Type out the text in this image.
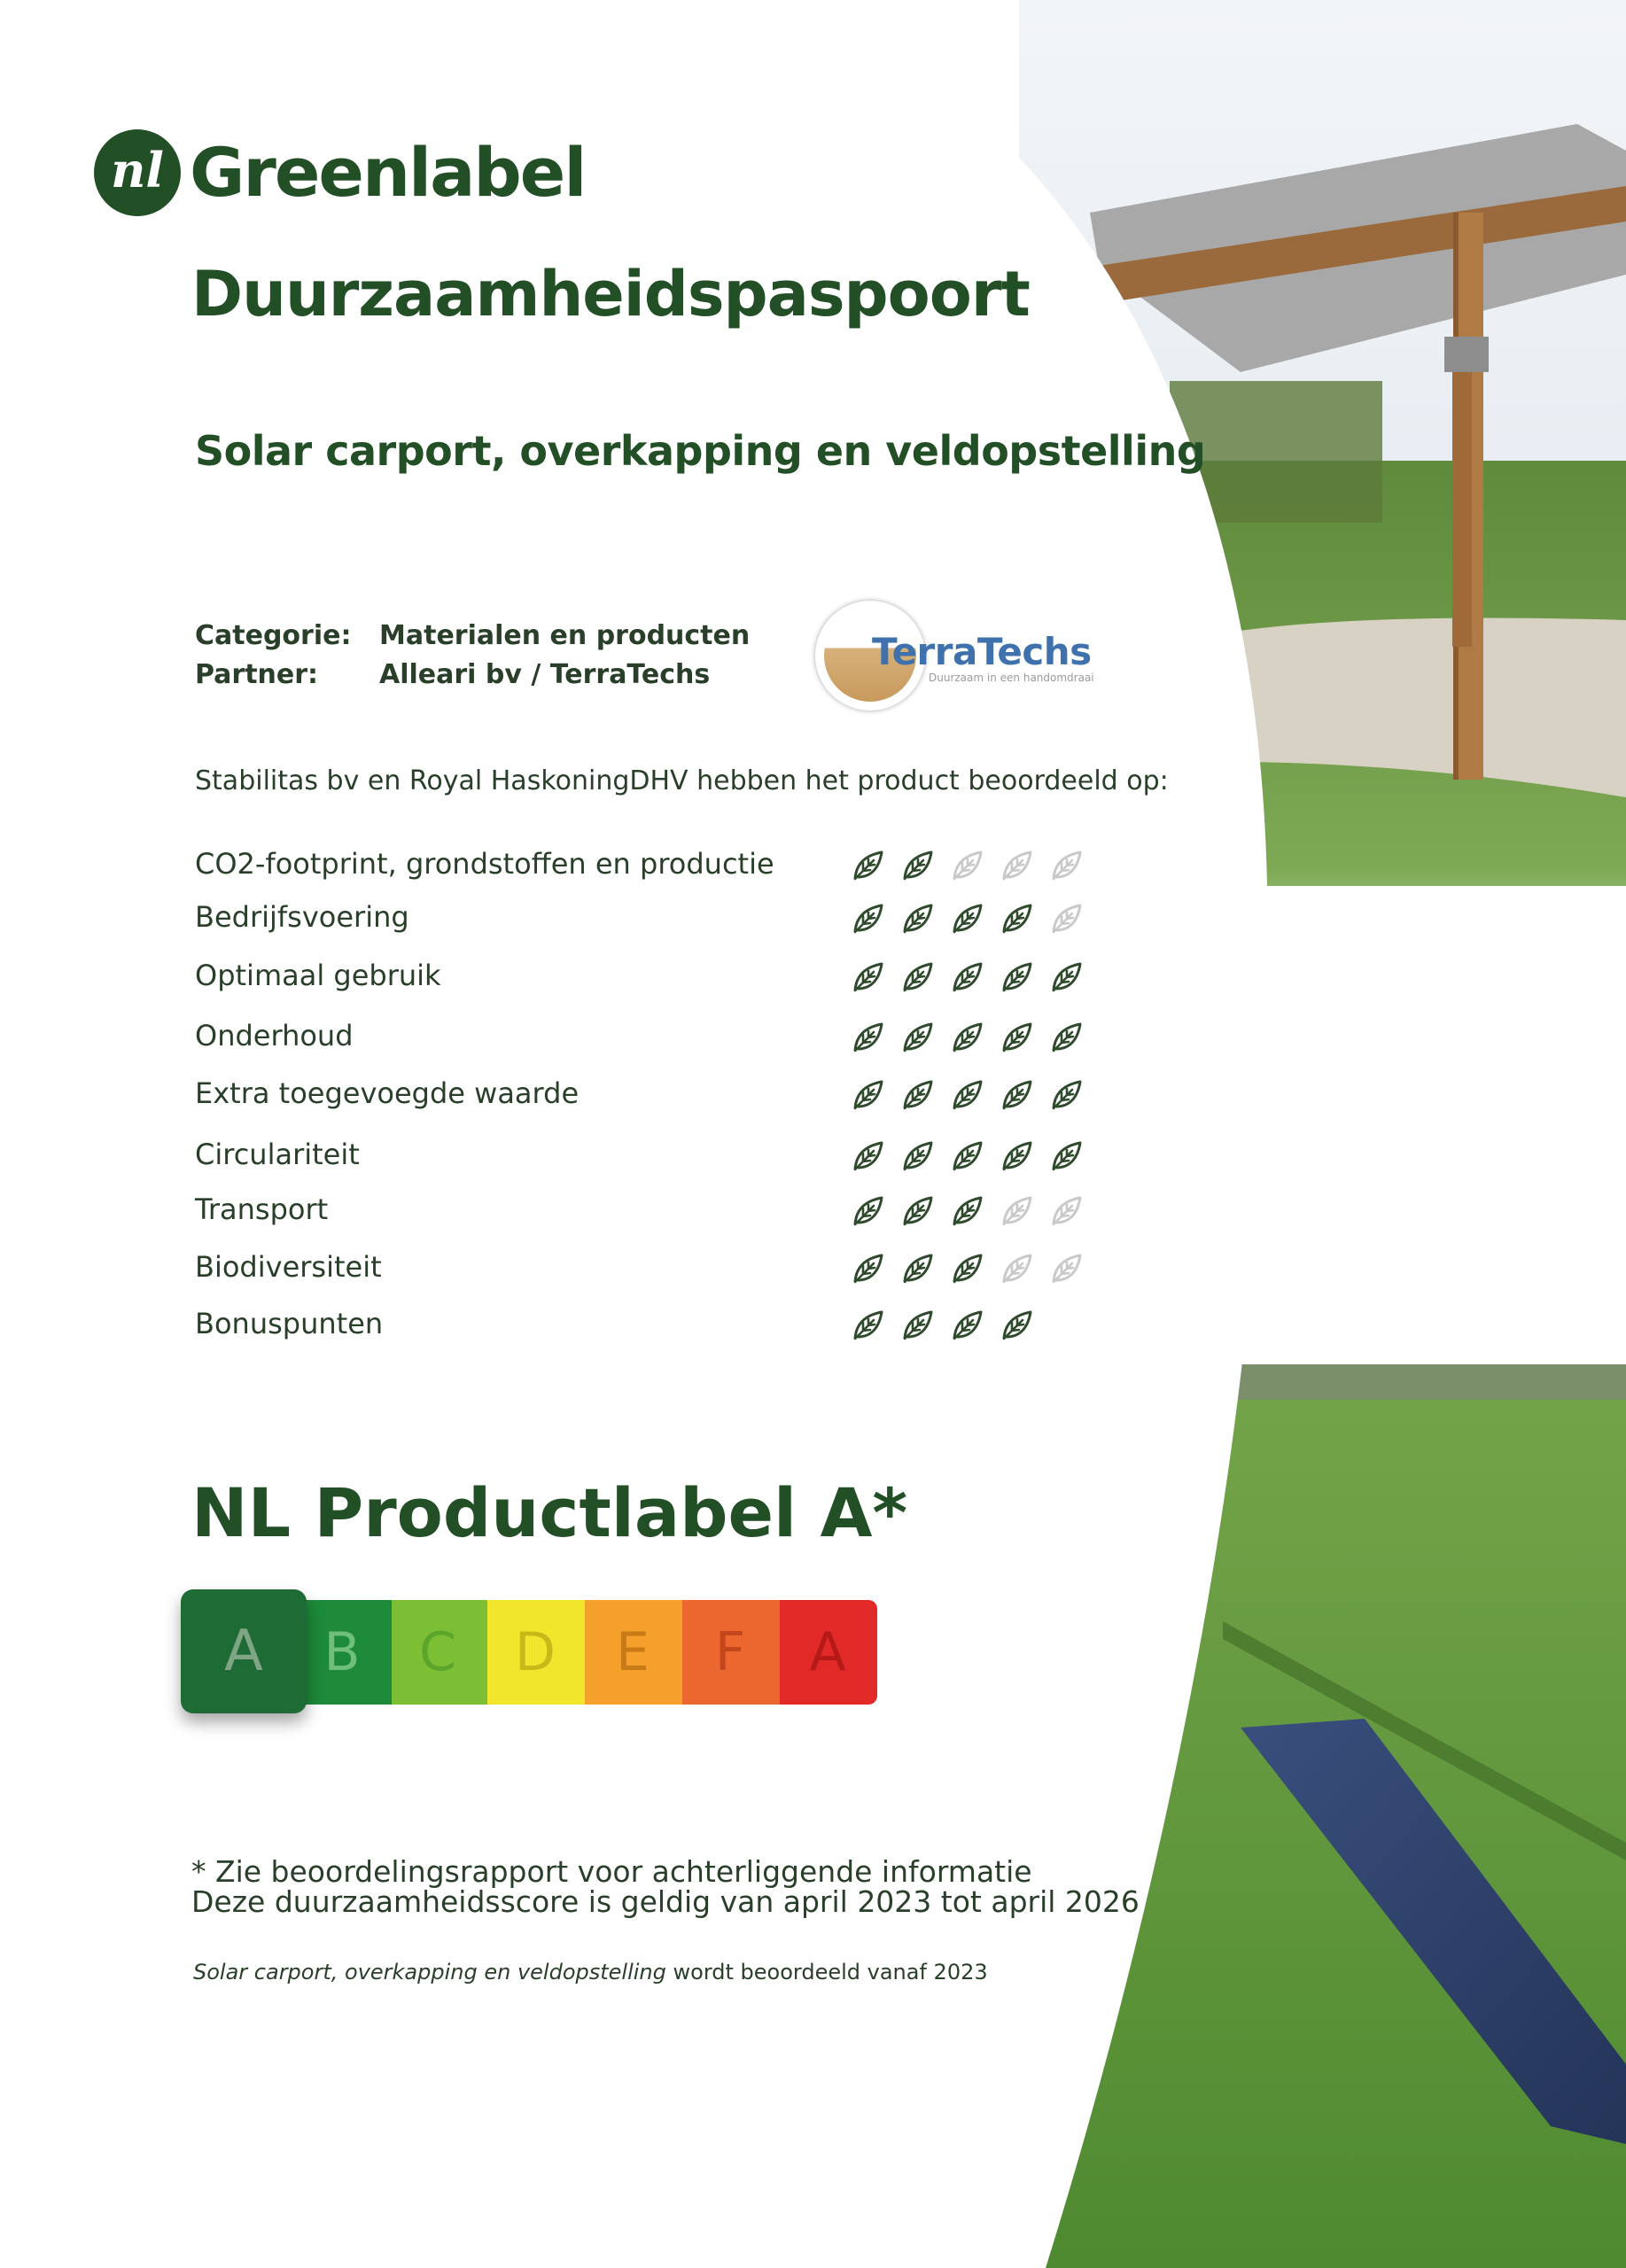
nl Greenlabel
Duurzaamheidspaspoort
Solar carport, overkapping en veldopstelling
Categorie: Materialen en producten
Partner: Alleari bv / TerraTechs
TerraTechs
Duurzaam in een handomdraai
Stabilitas bv en Royal HaskoningDHV hebben het product beoordeeld op:
CO2-footprint, grondstoffen en productie
Bedrijfsvoering
Optimaal gebruik
Onderhoud
Extra toegevoegde waarde
Circulariteit
Transport
Biodiversiteit
Bonuspunten
NL Productlabel A*
A
F
E
D
C
B
A
* Zie beoordelingsrapport voor achterliggende informatie
Deze duurzaamheidsscore is geldig van april 2023 tot april 2026
Solar carport, overkapping en veldopstelling wordt beoordeeld vanaf 2023
